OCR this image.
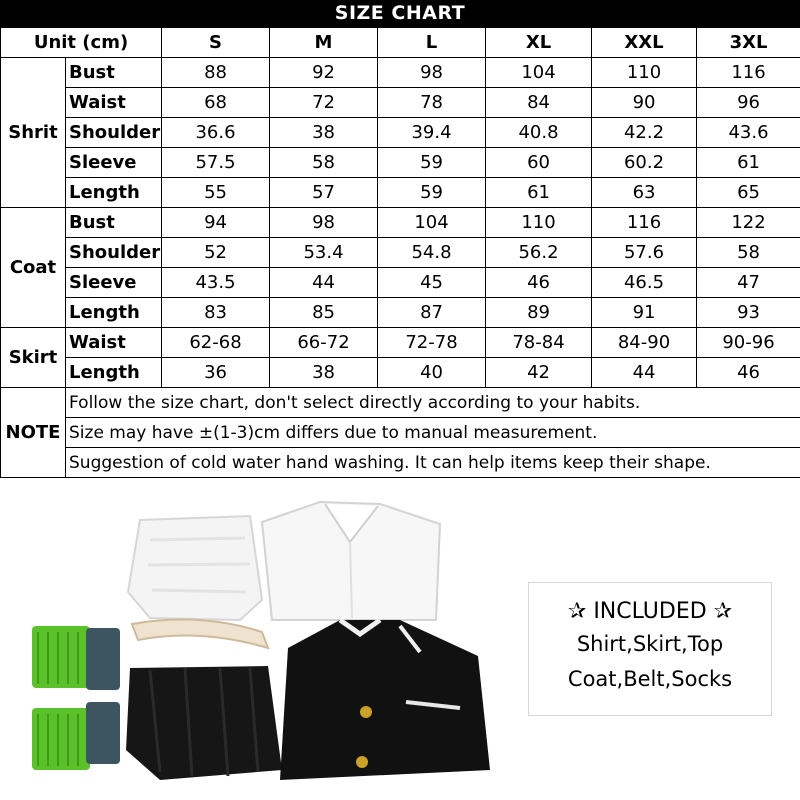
SIZE CHART
Unit (cm)		S	M	L	XL	XXL	3XL
Shrit	Bust	88	92	98	104	110	116
	Waist	68	72	78	84	90	96
	Shoulder	36.6	38	39.4	40.8	42.2	43.6
	Sleeve	57.5	58	59	60	60.2	61
	Length	55	57	59	61	63	65
Coat	Bust	94	98	104	110	116	122
	Shoulder	52	53.4	54.8	56.2	57.6	58
	Sleeve	43.5	44	45	46	46.5	47
	Length	83	85	87	89	91	93
Skirt	Waist	62-68	66-72	72-78	78-84	84-90	90-96
	Length	36	38	40	42	44	46
NOTE	Follow the size chart, don't select directly according to your habits.						
	Size may have ±(1-3)cm differs due to manual measurement.						
	Suggestion of cold water hand washing. It can help items keep their shape.						
✰ INCLUDED ✰
Shirt,Skirt,Top
Coat,Belt,Socks
